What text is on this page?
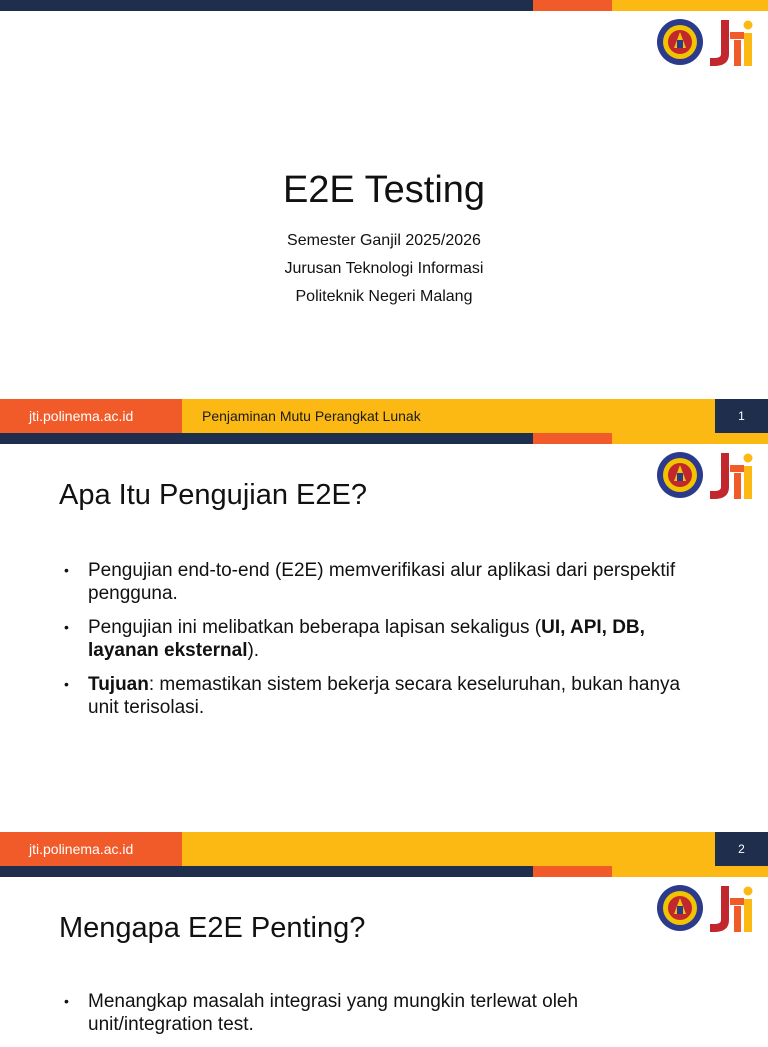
E2E Testing
Semester Ganjil 2025/2026
Jurusan Teknologi Informasi
Politeknik Negeri Malang
jti.polinema.ac.id	Penjaminan Mutu Perangkat Lunak	1
Apa Itu Pengujian E2E?
• Pengujian end-to-end (E2E) memverifikasi alur aplikasi dari perspektif pengguna.
• Pengujian ini melibatkan beberapa lapisan sekaligus (UI, API, DB, layanan eksternal).
• Tujuan: memastikan sistem bekerja secara keseluruhan, bukan hanya unit terisolasi.
jti.polinema.ac.id	2
Mengapa E2E Penting?
• Menangkap masalah integrasi yang mungkin terlewat oleh unit/integration test.
